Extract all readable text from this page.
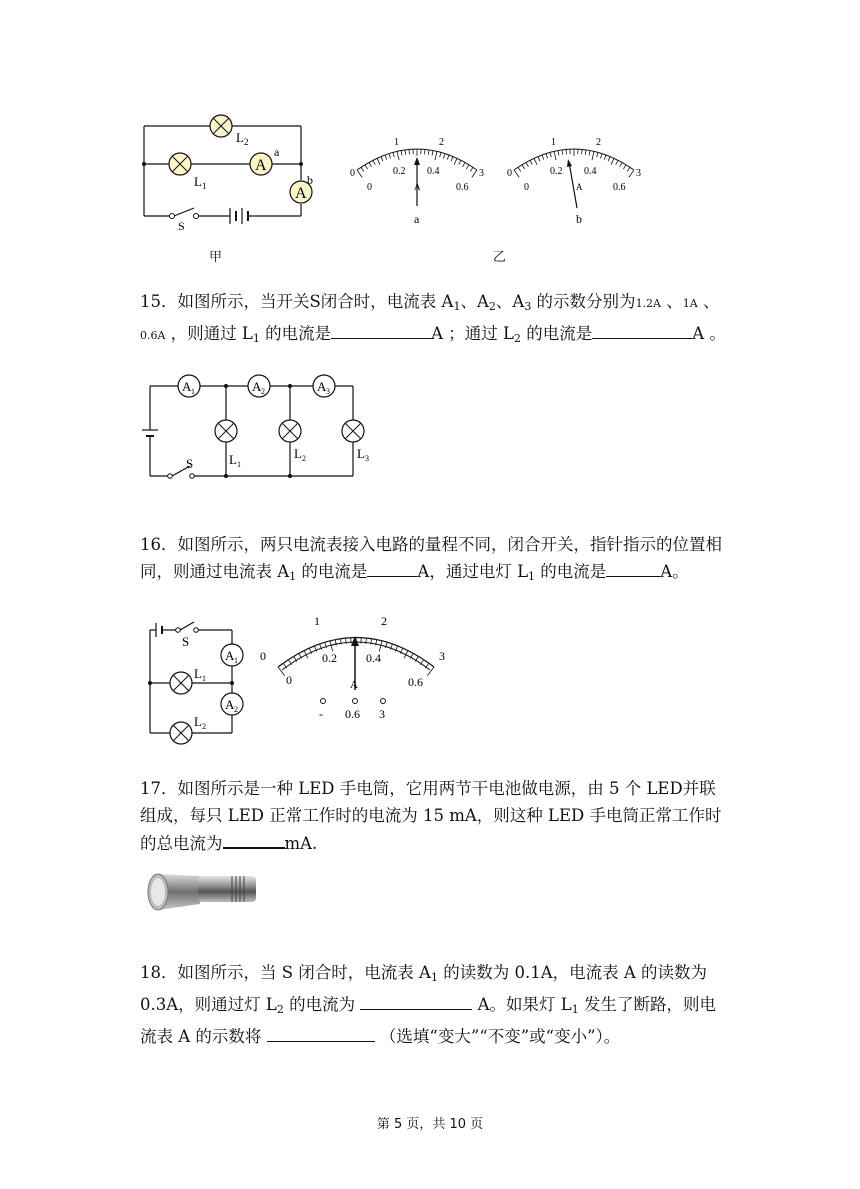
A
A
L 2
L 1
a
b
S
甲
0
1	2
3
0
0.2 0.4
0.6
A
a
0
1	2
3
0
0.2 0.4
0.6
A
b
乙

15．如图所示，当开关S闭合时，电流表 $A_1$、$A_2$、$A_3$ 的示数分别为1.2A 、1A 、0.6A ，则通过 $L_1$ 的电流是	A ；通过 $L_2$ 的电流是	A 。

A 1	A 2	A 3
L 1
L 2	L 3
S

16．如图所示，两只电流表接入电路的量程不同，闭合开关，指针指示的位置相同，则通过电流表 $A_1$ 的电流是	A，通过电灯 $L_1$ 的电流是	A。

A 1
A 2
S
L 1
L 2
0
1	2
3
0
0.2 0.4
0.6
A
- 0.6 3

17．如图所示是一种 LED 手电筒，它用两节干电池做电源，由 5 个 LED并联组成，每只 LED 正常工作时的电流为 15 mA，则这种 LED 手电筒正常工作时的总电流为	mA.

18．如图所示，当 S 闭合时，电流表 $A_1$ 的读数为 0.1A，电流表 A 的读数为 0.3A，则通过灯 $L_2$ 的电流为	A。如果灯 $L_1$ 发生了断路，则电流表 A 的示数将	（选填“变大”“不变”或“变小”）。

第 5 页，共 10 页
